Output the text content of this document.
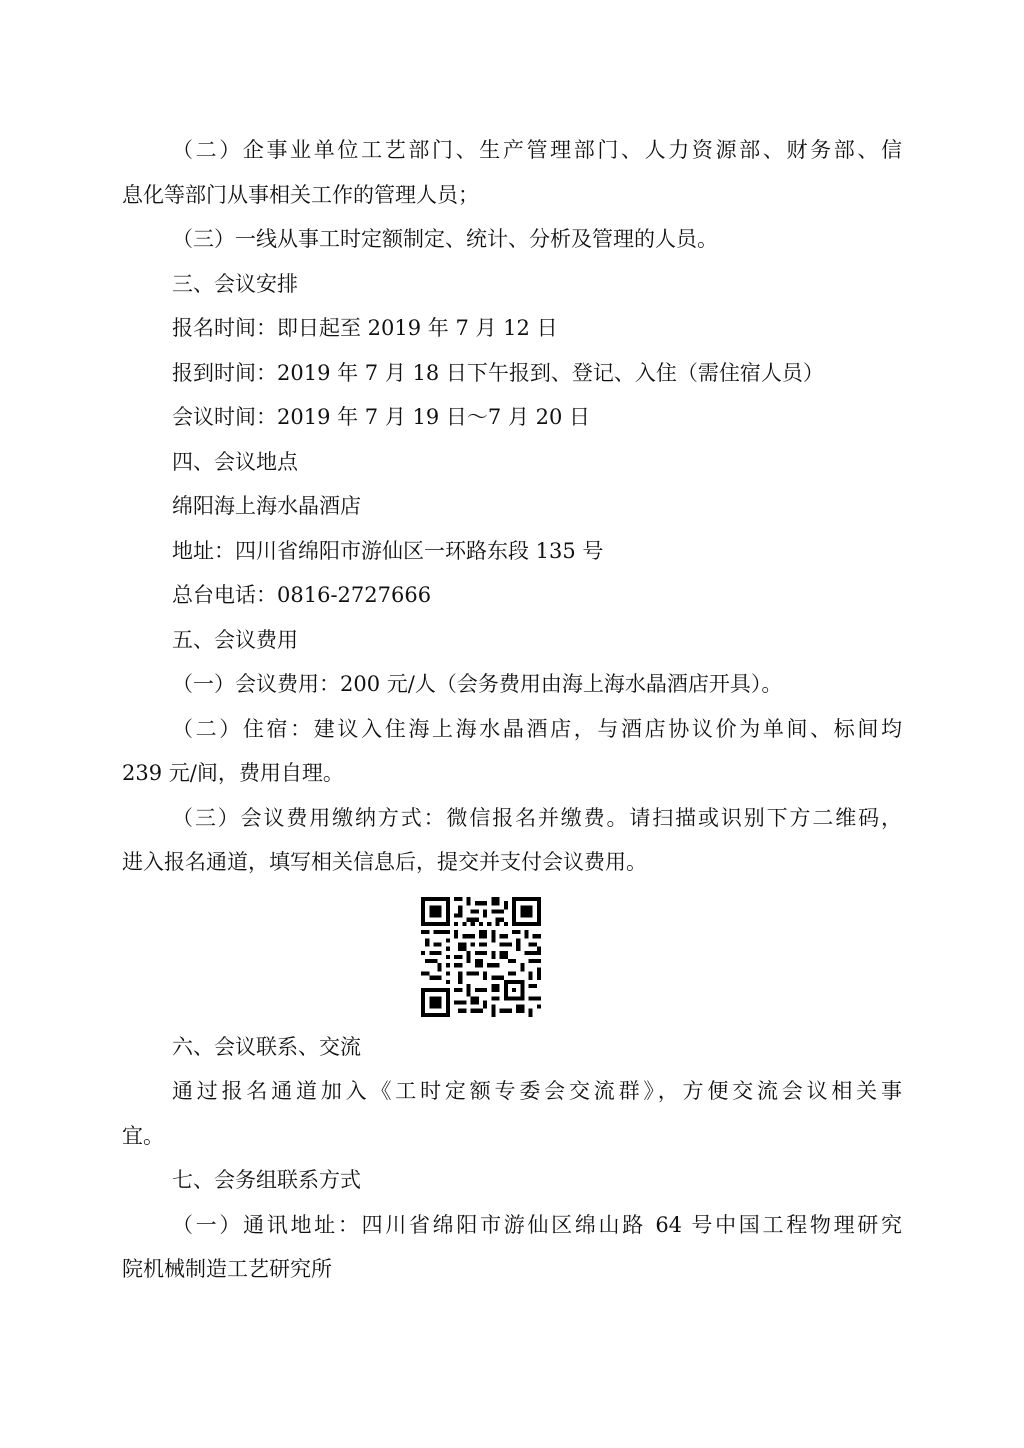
（二）企事业单位工艺部门、生产管理部门、人力资源部、财务部、信

息化等部门从事相关工作的管理人员；

（三）一线从事工时定额制定、统计、分析及管理的人员。

三、会议安排

报名时间：即日起至 2019 年 7 月 12 日

报到时间：2019 年 7 月 18 日下午报到、登记、入住（需住宿人员）

会议时间：2019 年 7 月 19 日～7 月 20 日

四、会议地点

绵阳海上海水晶酒店

地址：四川省绵阳市游仙区一环路东段 135 号

总台电话：0816-2727666

五、会议费用

（一）会议费用：200 元/人（会务费用由海上海水晶酒店开具）。

（二）住宿：建议入住海上海水晶酒店，与酒店协议价为单间、标间均

239 元/间，费用自理。

（三）会议费用缴纳方式：微信报名并缴费。请扫描或识别下方二维码，

进入报名通道，填写相关信息后，提交并支付会议费用。

六、会议联系、交流

通过报名通道加入《工时定额专委会交流群》，方便交流会议相关事

宜。

七、会务组联系方式

（一）通讯地址：四川省绵阳市游仙区绵山路 64 号中国工程物理研究

院机械制造工艺研究所
